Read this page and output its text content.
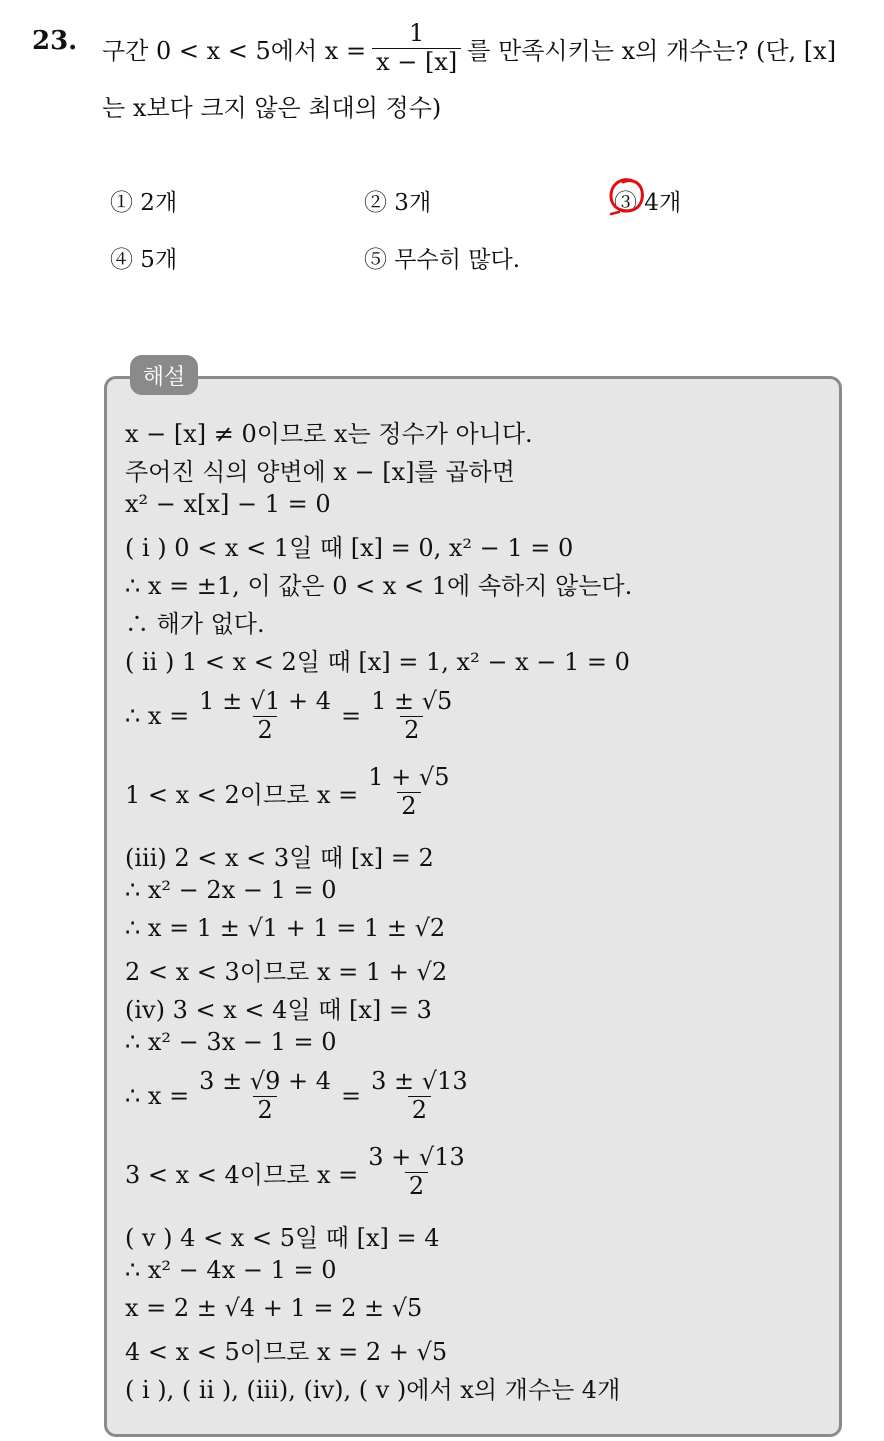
23. 구간 0 < x < 5에서 $x = \frac{1}{x - [x]}$ 를 만족시키는 x의 개수는? (단, [x]
는 x보다 크지 않은 최대의 정수)
① 2개	② 3개	③ 4개
④ 5개	⑤ 무수히 많다.
해설
x − [x] ≠ 0이므로 x는 정수가 아니다.
주어진 식의 양변에 x − [x]를 곱하면
x² − x[x] − 1 = 0
( i ) 0 < x < 1일 때 [x] = 0, x² − 1 = 0
∴ x = ±1, 이 값은 0 < x < 1에 속하지 않는다.
∴ 해가 없다.
( ii ) 1 < x < 2일 때 [x] = 1, x² − x − 1 = 0
∴ $x = \frac{1 \pm √1 + 4}{2} = \frac{1 \pm √5}{2}$
1 < x < 2이므로 $x = \frac{1 + √5}{2}$
(iii) 2 < x < 3일 때 [x] = 2
∴ x² − 2x − 1 = 0
∴ x = 1 ± √1 + 1 = 1 ± √2
2 < x < 3이므로 x = 1 + √2
(iv) 3 < x < 4일 때 [x] = 3
∴ x² − 3x − 1 = 0
∴ $x = \frac{3 \pm √9 + 4}{2} = \frac{3 \pm √13}{2}$
3 < x < 4이므로 $x = \frac{3 + √13}{2}$
( v ) 4 < x < 5일 때 [x] = 4
∴ x² − 4x − 1 = 0
x = 2 ± √4 + 1 = 2 ± √5
4 < x < 5이므로 x = 2 + √5
( i ), ( ii ), (iii), (iv), ( v )에서 x의 개수는 4개
